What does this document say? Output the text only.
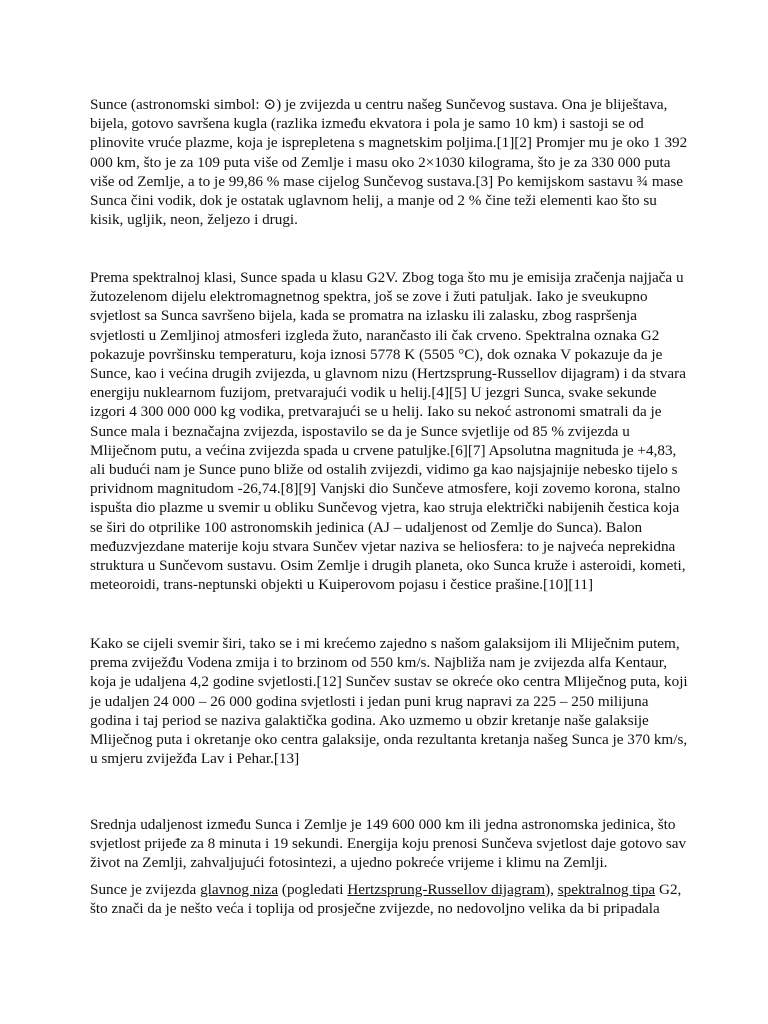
Sunce (astronomski simbol: ⊙) je zvijezda u centru našeg Sunčevog sustava. Ona je bliještava, bijela, gotovo savršena kugla (razlika između ekvatora i pola je samo 10 km) i sastoji se od plinovite vruće plazme, koja je isprepletena s magnetskim poljima.[1][2] Promjer mu je oko 1 392 000 km, što je za 109 puta više od Zemlje i masu oko 2×1030 kilograma, što je za 330 000 puta više od Zemlje, a to je 99,86 % mase cijelog Sunčevog sustava.[3] Po kemijskom sastavu ¾ mase Sunca čini vodik, dok je ostatak uglavnom helij, a manje od 2 % čine teži elementi kao što su kisik, ugljik, neon, željezo i drugi.

Prema spektralnoj klasi, Sunce spada u klasu G2V. Zbog toga što mu je emisija zračenja najjača u žutozelenom dijelu elektromagnetnog spektra, još se zove i žuti patuljak. Iako je sveukupno svjetlost sa Sunca savršeno bijela, kada se promatra na izlasku ili zalasku, zbog raspršenja svjetlosti u Zemljinoj atmosferi izgleda žuto, narančasto ili čak crveno. Spektralna oznaka G2 pokazuje površinsku temperaturu, koja iznosi 5778 K (5505 °C), dok oznaka V pokazuje da je Sunce, kao i većina drugih zvijezda, u glavnom nizu (Hertzsprung-Russellov dijagram) i da stvara energiju nuklearnom fuzijom, pretvarajući vodik u helij.[4][5] U jezgri Sunca, svake sekunde izgori 4 300 000 000 kg vodika, pretvarajući se u helij. Iako su nekoć astronomi smatrali da je Sunce mala i beznačajna zvijezda, ispostavilo se da je Sunce svjetlije od 85 % zvijezda u Mliječnom putu, a većina zvijezda spada u crvene patuljke.[6][7] Apsolutna magnituda je +4,83, ali budući nam je Sunce puno bliže od ostalih zvijezdi, vidimo ga kao najsjajnije nebesko tijelo s prividnom magnitudom -26,74.[8][9] Vanjski dio Sunčeve atmosfere, koji zovemo korona, stalno ispušta dio plazme u svemir u obliku Sunčevog vjetra, kao struja električki nabijenih čestica koja se širi do otprilike 100 astronomskih jedinica (AJ – udaljenost od Zemlje do Sunca). Balon međuzvjezdane materije koju stvara Sunčev vjetar naziva se heliosfera: to je najveća neprekidna struktura u Sunčevom sustavu. Osim Zemlje i drugih planeta, oko Sunca kruže i asteroidi, kometi, meteoroidi, trans-neptunski objekti u Kuiperovom pojasu i čestice prašine.[10][11]

Kako se cijeli svemir širi, tako se i mi krećemo zajedno s našom galaksijom ili Mliječnim putem, prema zviježđu Vodena zmija i to brzinom od 550 km/s. Najbliža nam je zvijezda alfa Kentaur, koja je udaljena 4,2 godine svjetlosti.[12] Sunčev sustav se okreće oko centra Mliječnog puta, koji je udaljen 24 000 – 26 000 godina svjetlosti i jedan puni krug napravi za 225 – 250 milijuna godina i taj period se naziva galaktička godina. Ako uzmemo u obzir kretanje naše galaksije Mliječnog puta i okretanje oko centra galaksije, onda rezultanta kretanja našeg Sunca je 370 km/s, u smjeru zviježđa Lav i Pehar.[13]

Srednja udaljenost između Sunca i Zemlje je 149 600 000 km ili jedna astronomska jedinica, što svjetlost prijeđe za 8 minuta i 19 sekundi. Energija koju prenosi Sunčeva svjetlost daje gotovo sav život na Zemlji, zahvaljujući fotosintezi, a ujedno pokreće vrijeme i klimu na Zemlji.

Sunce je zvijezda glavnog niza (pogledati Hertzsprung-Russellov dijagram), spektralnog tipa G2, što znači da je nešto veća i toplija od prosječne zvijezde, no nedovoljno velika da bi pripadala
